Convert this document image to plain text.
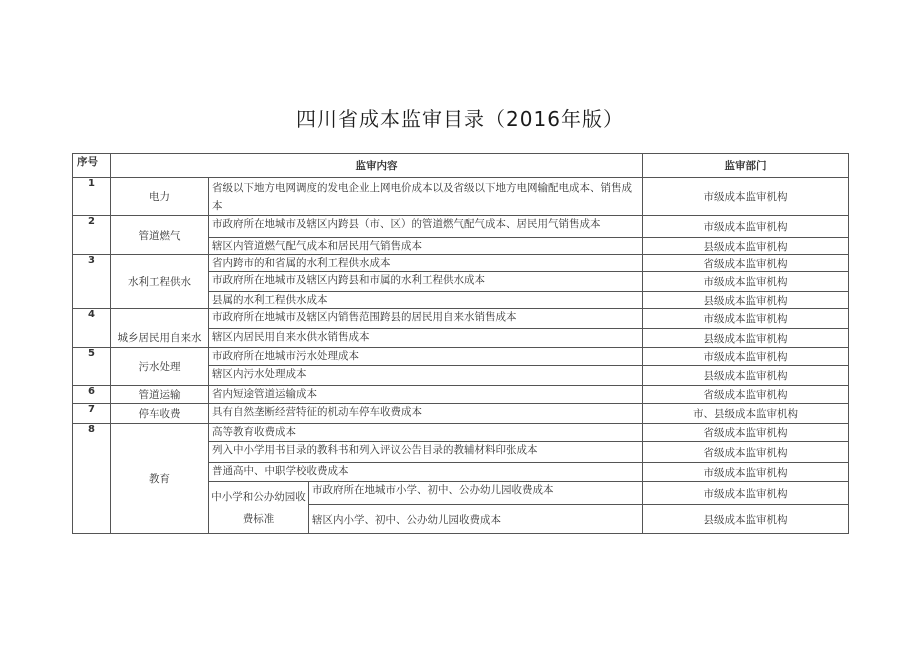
四川省成本监审目录（2016年版）
序号	监审内容			监审部门
1	电力	省级以下地方电网调度的发电企业上网电价成本以及省级以下地方电网输配电成本、销售成本		市级成本监审机构
2	管道燃气	市政府所在地城市及辖区内跨县（市、区）的管道燃气配气成本、居民用气销售成本		市级成本监审机构
		辖区内管道燃气配气成本和居民用气销售成本		县级成本监审机构
3	水利工程供水	省内跨市的和省属的水利工程供水成本		省级成本监审机构
		市政府所在地城市及辖区内跨县和市属的水利工程供水成本		市级成本监审机构
		县属的水利工程供水成本		县级成本监审机构
4	城乡居民用自来水	市政府所在地城市及辖区内销售范围跨县的居民用自来水销售成本		市级成本监审机构
		辖区内居民用自来水供水销售成本		县级成本监审机构
5	污水处理	市政府所在地城市污水处理成本		市级成本监审机构
		辖区内污水处理成本		县级成本监审机构
6	管道运输	省内短途管道运输成本		省级成本监审机构
7	停车收费	具有自然垄断经营特征的机动车停车收费成本		市、县级成本监审机构
8	教育	高等教育收费成本		省级成本监审机构
		列入中小学用书目录的教科书和列入评议公告目录的教辅材料印张成本		省级成本监审机构
		普通高中、中职学校收费成本		市级成本监审机构
		中小学和公办幼园收费标准	市政府所在地城市小学、初中、公办幼儿园收费成本	市级成本监审机构
			辖区内小学、初中、公办幼儿园收费成本	县级成本监审机构
